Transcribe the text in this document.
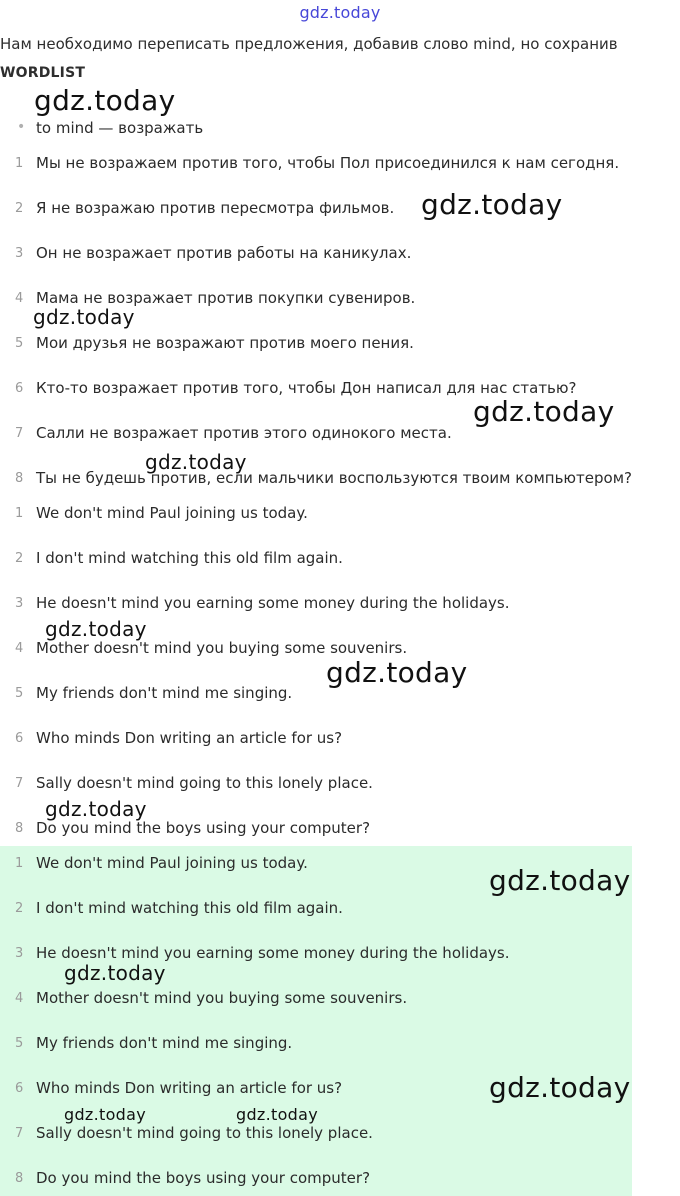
gdz.today
Нам необходимо переписать предложения, добавив слово mind, но сохранив
WORDLIST
• to mind — возражать
1 Мы не возражаем против того, чтобы Пол присоединился к нам сегодня.
2 Я не возражаю против пересмотра фильмов.
3 Он не возражает против работы на каникулах.
4 Мама не возражает против покупки сувениров.
5 Мои друзья не возражают против моего пения.
6 Кто-то возражает против того, чтобы Дон написал для нас статью?
7 Салли не возражает против этого одинокого места.
8 Ты не будешь против, если мальчики воспользуются твоим компьютером?
1 We don't mind Paul joining us today.
2 I don't mind watching this old film again.
3 He doesn't mind you earning some money during the holidays.
4 Mother doesn't mind you buying some souvenirs.
5 My friends don't mind me singing.
6 Who minds Don writing an article for us?
7 Sally doesn't mind going to this lonely place.
8 Do you mind the boys using your computer?
1 We don't mind Paul joining us today.
2 I don't mind watching this old film again.
3 He doesn't mind you earning some money during the holidays.
4 Mother doesn't mind you buying some souvenirs.
5 My friends don't mind me singing.
6 Who minds Don writing an article for us?
7 Sally doesn't mind going to this lonely place.
8 Do you mind the boys using your computer?
gdz.today
gdz.today
gdz.today
gdz.today
gdz.today
gdz.today
gdz.today
gdz.today
gdz.today
gdz.today
gdz.today
gdz.today	gdz.today
